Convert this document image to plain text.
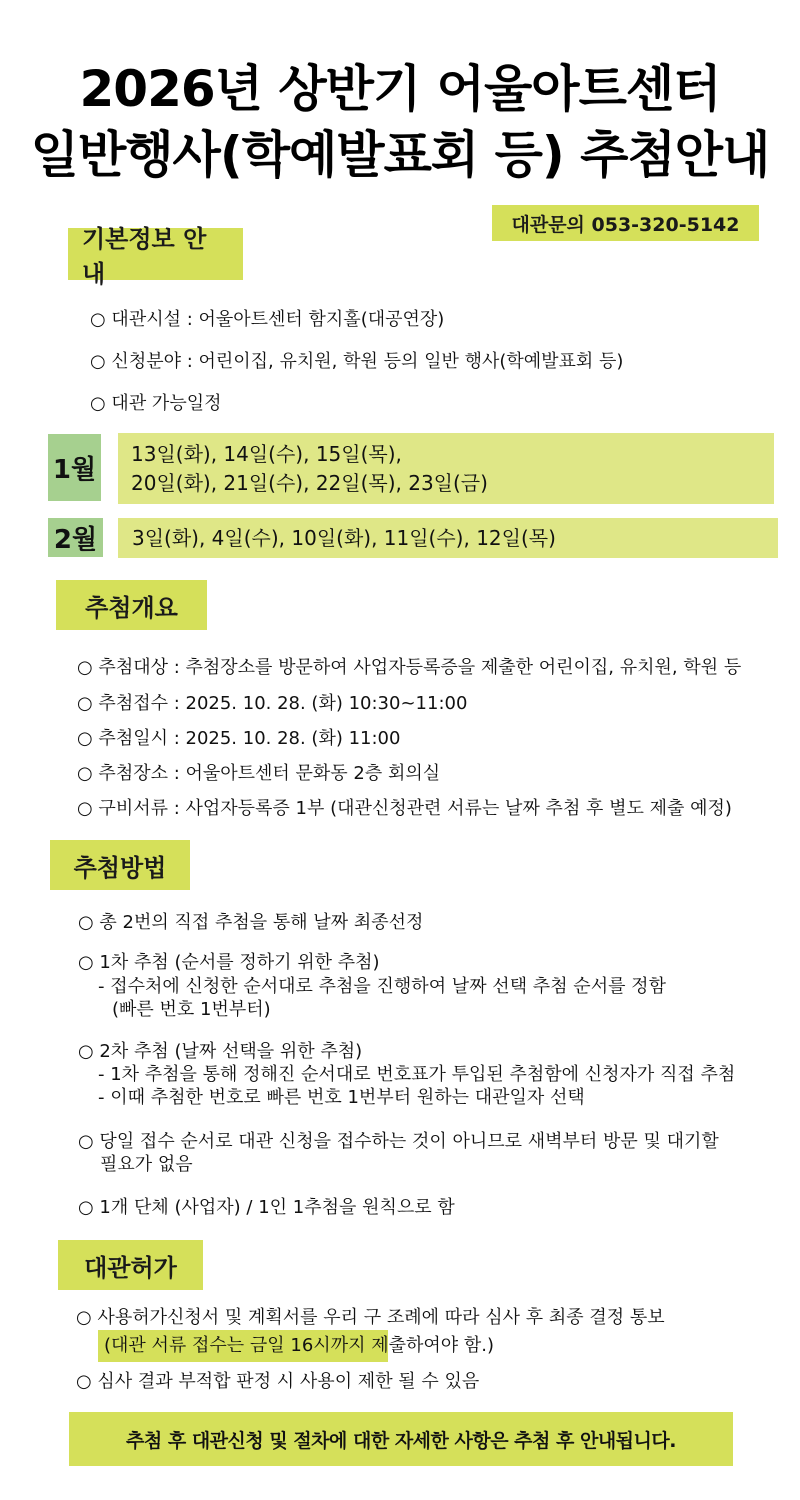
2026년 상반기 어울아트센터
일반행사(학예발표회 등) 추첨안내
대관문의 053-320-5142
기본정보 안내
○ 대관시설 : 어울아트센터 함지홀(대공연장)
○ 신청분야 : 어린이집, 유치원, 학원 등의 일반 행사(학예발표회 등)
○ 대관 가능일정
1월
13일(화), 14일(수), 15일(목),
20일(화), 21일(수), 22일(목), 23일(금)
2월 3일(화), 4일(수), 10일(화), 11일(수), 12일(목)
추첨개요
○ 추첨대상 : 추첨장소를 방문하여 사업자등록증을 제출한 어린이집, 유치원, 학원 등
○ 추첨접수 : 2025. 10. 28. (화) 10:30~11:00
○ 추첨일시 : 2025. 10. 28. (화) 11:00
○ 추첨장소 : 어울아트센터 문화동 2층 회의실
○ 구비서류 : 사업자등록증 1부 (대관신청관련 서류는 날짜 추첨 후 별도 제출 예정)
추첨방법
○ 총 2번의 직접 추첨을 통해 날짜 최종선정
○ 1차 추첨 (순서를 정하기 위한 추첨)
- 접수처에 신청한 순서대로 추첨을 진행하여 날짜 선택 추첨 순서를 정함
(빠른 번호 1번부터)
○ 2차 추첨 (날짜 선택을 위한 추첨)
- 1차 추첨을 통해 정해진 순서대로 번호표가 투입된 추첨함에 신청자가 직접 추첨
- 이때 추첨한 번호로 빠른 번호 1번부터 원하는 대관일자 선택
○ 당일 접수 순서로 대관 신청을 접수하는 것이 아니므로 새벽부터 방문 및 대기할
필요가 없음
○ 1개 단체 (사업자) / 1인 1추첨을 원칙으로 함
대관허가
○ 사용허가신청서 및 계획서를 우리 구 조례에 따라 심사 후 최종 결정 통보
(대관 서류 접수는 금일 16시까지 제출하여야 함.)
○ 심사 결과 부적합 판정 시 사용이 제한 될 수 있음
추첨 후 대관신청 및 절차에 대한 자세한 사항은 추첨 후 안내됩니다.
